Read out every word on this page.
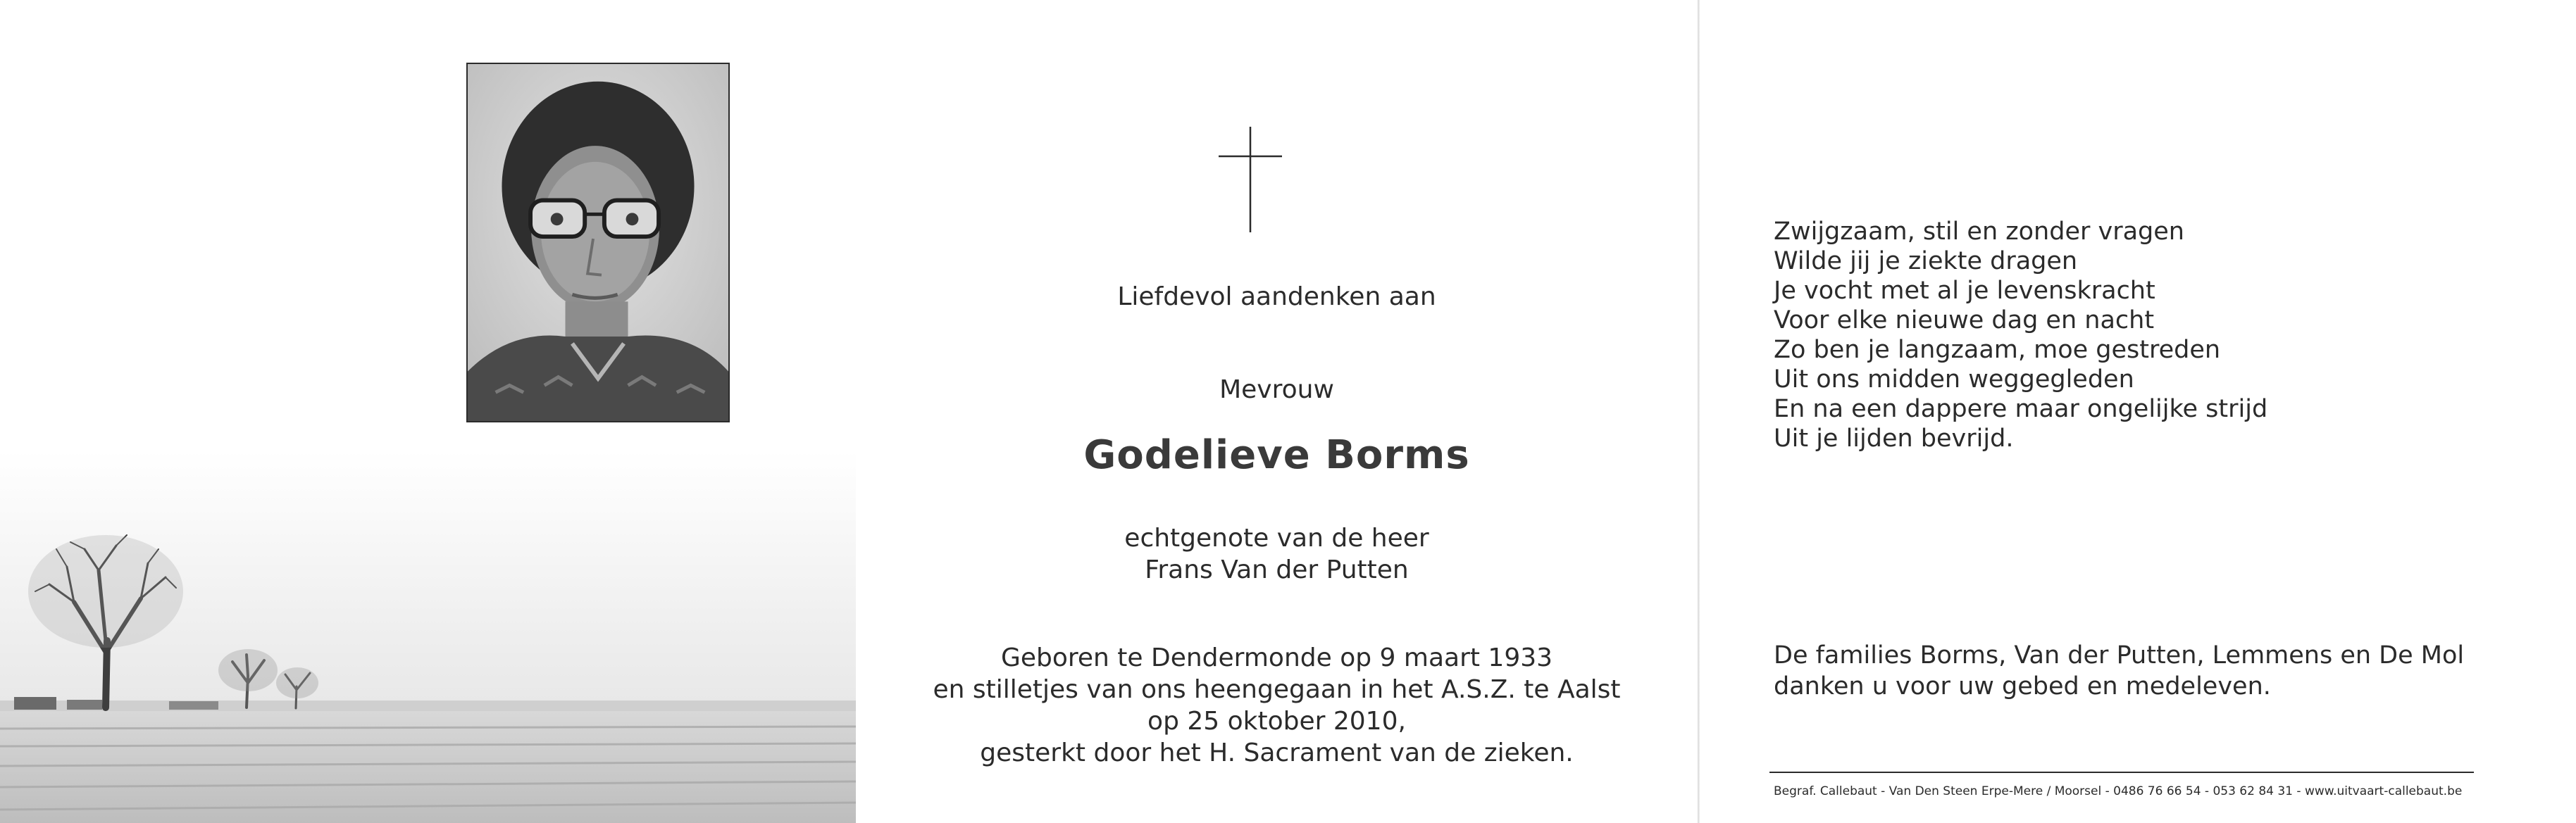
Liefdevol aandenken aan
Mevrouw
Godelieve Borms
echtgenote van de heer
Frans Van der Putten
Geboren te Dendermonde op 9 maart 1933
en stilletjes van ons heengegaan in het A.S.Z. te Aalst
op 25 oktober 2010,
gesterkt door het H. Sacrament van de zieken.
Zwijgzaam, stil en zonder vragen
Wilde jij je ziekte dragen
Je vocht met al je levenskracht
Voor elke nieuwe dag en nacht
Zo ben je langzaam, moe gestreden
Uit ons midden weggegleden
En na een dappere maar ongelijke strijd
Uit je lijden bevrijd.
De families Borms, Van der Putten, Lemmens en De Mol
danken u voor uw gebed en medeleven.
Begraf. Callebaut - Van Den Steen Erpe-Mere / Moorsel - 0486 76 66 54 - 053 62 84 31 - www.uitvaart-callebaut.be
